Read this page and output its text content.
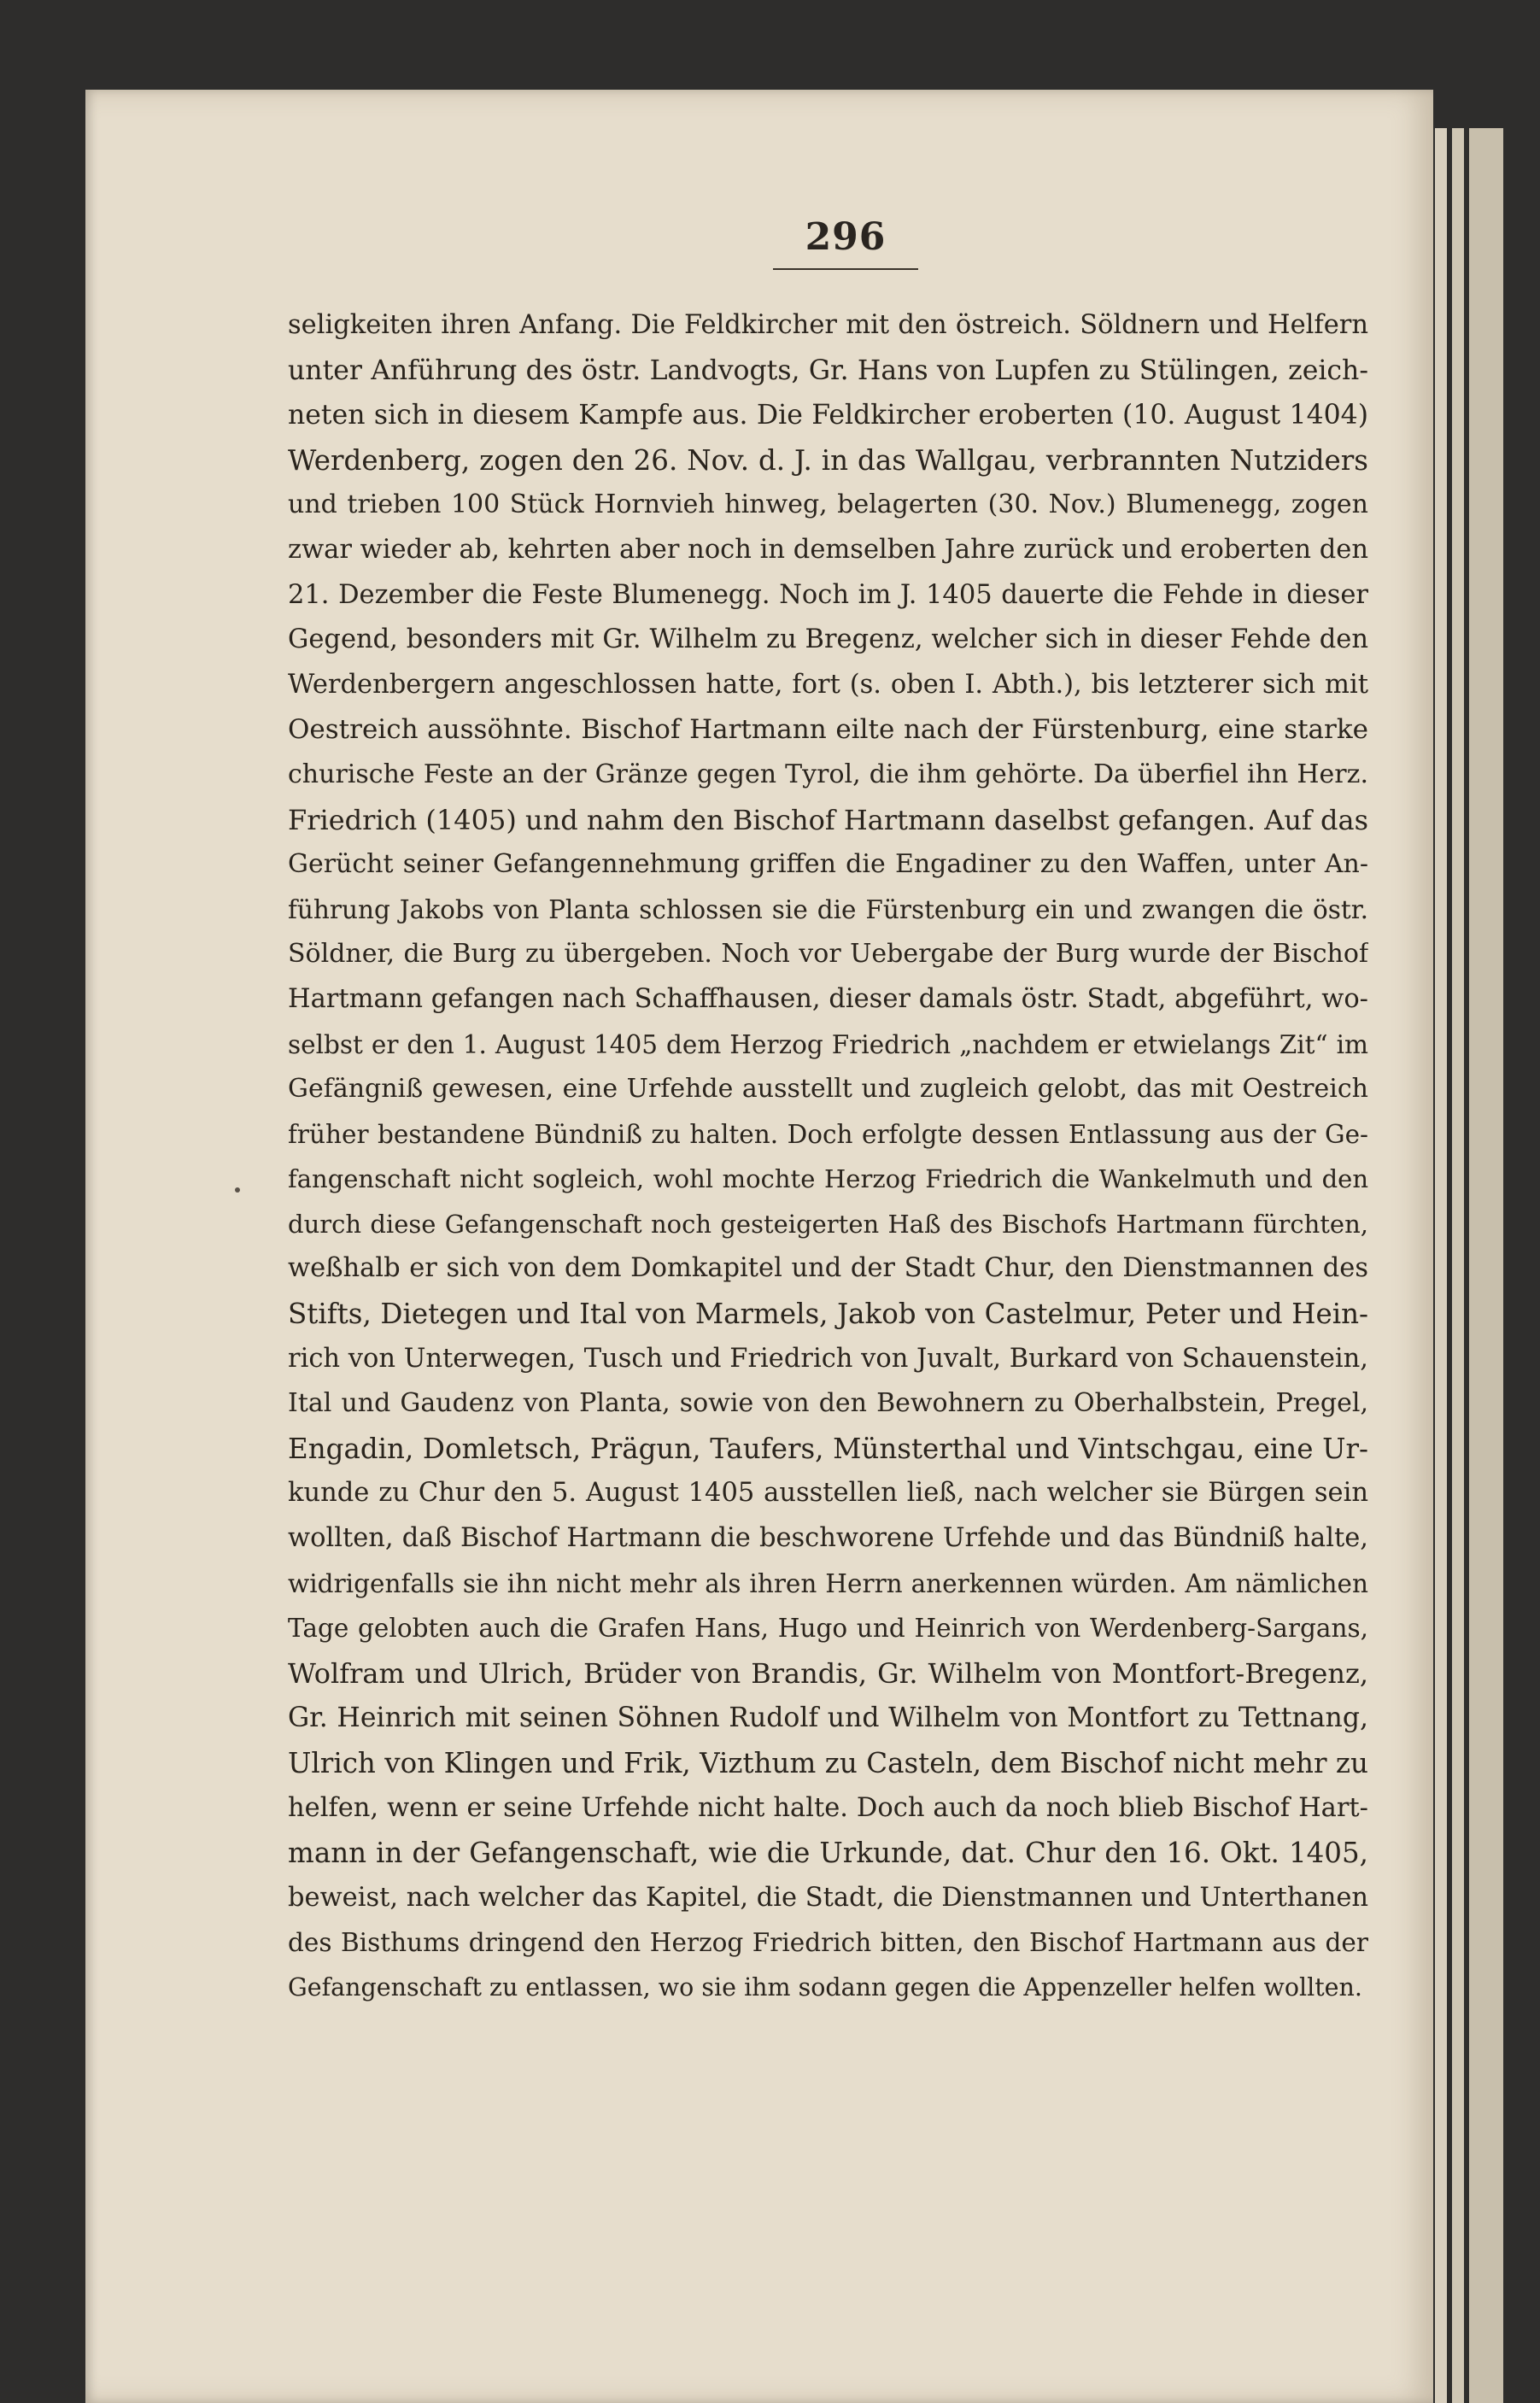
296
seligkeiten ihren Anfang. Die Feldkircher mit den östreich. Söldnern und Helfern
unter Anführung des östr. Landvogts, Gr. Hans von Lupfen zu Stülingen, zeich-
neten sich in diesem Kampfe aus. Die Feldkircher eroberten (10. August 1404)
Werdenberg, zogen den 26. Nov. d. J. in das Wallgau, verbrannten Nutziders
und trieben 100 Stück Hornvieh hinweg, belagerten (30. Nov.) Blumenegg, zogen
zwar wieder ab, kehrten aber noch in demselben Jahre zurück und eroberten den
21. Dezember die Feste Blumenegg. Noch im J. 1405 dauerte die Fehde in dieser
Gegend, besonders mit Gr. Wilhelm zu Bregenz, welcher sich in dieser Fehde den
Werdenbergern angeschlossen hatte, fort (s. oben I. Abth.), bis letzterer sich mit
Oestreich aussöhnte. Bischof Hartmann eilte nach der Fürstenburg, eine starke
churische Feste an der Gränze gegen Tyrol, die ihm gehörte. Da überfiel ihn Herz.
Friedrich (1405) und nahm den Bischof Hartmann daselbst gefangen. Auf das
Gerücht seiner Gefangennehmung griffen die Engadiner zu den Waffen, unter An-
führung Jakobs von Planta schlossen sie die Fürstenburg ein und zwangen die östr.
Söldner, die Burg zu übergeben. Noch vor Uebergabe der Burg wurde der Bischof
Hartmann gefangen nach Schaffhausen, dieser damals östr. Stadt, abgeführt, wo-
selbst er den 1. August 1405 dem Herzog Friedrich „nachdem er etwielangs Zit“ im
Gefängniß gewesen, eine Urfehde ausstellt und zugleich gelobt, das mit Oestreich
früher bestandene Bündniß zu halten. Doch erfolgte dessen Entlassung aus der Ge-
fangenschaft nicht sogleich, wohl mochte Herzog Friedrich die Wankelmuth und den
durch diese Gefangenschaft noch gesteigerten Haß des Bischofs Hartmann fürchten,
weßhalb er sich von dem Domkapitel und der Stadt Chur, den Dienstmannen des
Stifts, Dietegen und Ital von Marmels, Jakob von Castelmur, Peter und Hein-
rich von Unterwegen, Tusch und Friedrich von Juvalt, Burkard von Schauenstein,
Ital und Gaudenz von Planta, sowie von den Bewohnern zu Oberhalbstein, Pregel,
Engadin, Domletsch, Prägun, Taufers, Münsterthal und Vintschgau, eine Ur-
kunde zu Chur den 5. August 1405 ausstellen ließ, nach welcher sie Bürgen sein
wollten, daß Bischof Hartmann die beschworene Urfehde und das Bündniß halte,
widrigenfalls sie ihn nicht mehr als ihren Herrn anerkennen würden. Am nämlichen
Tage gelobten auch die Grafen Hans, Hugo und Heinrich von Werdenberg-Sargans,
Wolfram und Ulrich, Brüder von Brandis, Gr. Wilhelm von Montfort-Bregenz,
Gr. Heinrich mit seinen Söhnen Rudolf und Wilhelm von Montfort zu Tettnang,
Ulrich von Klingen und Frik, Vizthum zu Casteln, dem Bischof nicht mehr zu
helfen, wenn er seine Urfehde nicht halte. Doch auch da noch blieb Bischof Hart-
mann in der Gefangenschaft, wie die Urkunde, dat. Chur den 16. Okt. 1405,
beweist, nach welcher das Kapitel, die Stadt, die Dienstmannen und Unterthanen
des Bisthums dringend den Herzog Friedrich bitten, den Bischof Hartmann aus der
Gefangenschaft zu entlassen, wo sie ihm sodann gegen die Appenzeller helfen wollten.
